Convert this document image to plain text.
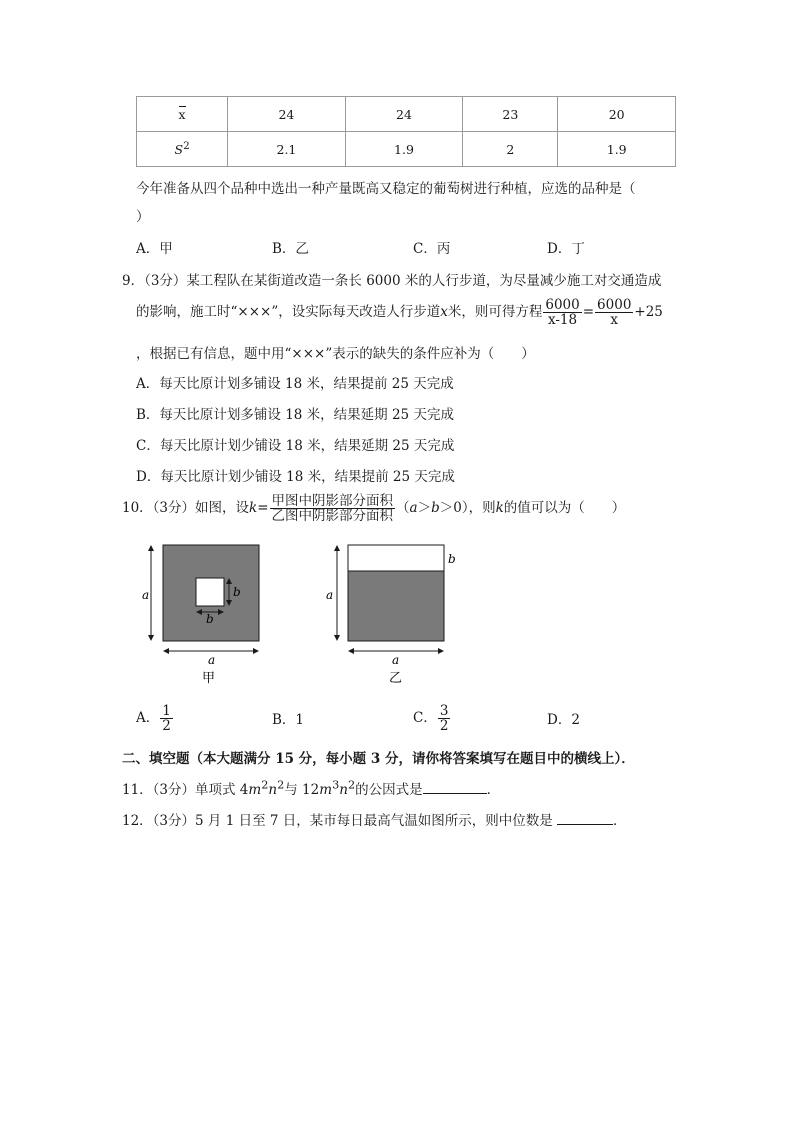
x	24	24	23	20
$S^2$	2.1	1.9	2	1.9
今年准备从四个品种中选出一种产量既高又稳定的葡萄树进行种植，应选的品种是（
）
A．甲	B．乙	C．丙	D．丁
9．（3分）某工程队在某街道改造一条长 6000 米的人行步道，为尽量减少施工对交通造成
的影响，施工时“×××”，设实际每天改造人行步道x米，则可得方程 $\frac{6000}{x-18} = \frac{6000}{x} +25$
，根据已有信息，题中用“×××”表示的缺失的条件应补为（　　）
A．每天比原计划多铺设 18 米，结果提前 25 天完成
B．每天比原计划多铺设 18 米，结果延期 25 天完成
C．每天比原计划少铺设 18 米，结果延期 25 天完成
D．每天比原计划少铺设 18 米，结果提前 25 天完成
10．（3分）如图，设$k= \frac{\text{甲图中阴影部分面积}}{\text{乙图中阴影部分面积}} (a>b>0)$，则k的值可以为（　　）
a	b
b
a
甲
a
b
a
乙
A． $\frac{1}{2}$	B．1	C． $\frac{3}{2}$	D．2
二、填空题（本大题满分 15 分，每小题 3 分，请你将答案填写在题目中的横线上）．
11．（3分）单项式 $4m^2n^2$与 $12m^3n^2$的公因式是	．
12．（3分）5 月 1 日至 7 日，某市每日最高气温如图所示，则中位数是	．
